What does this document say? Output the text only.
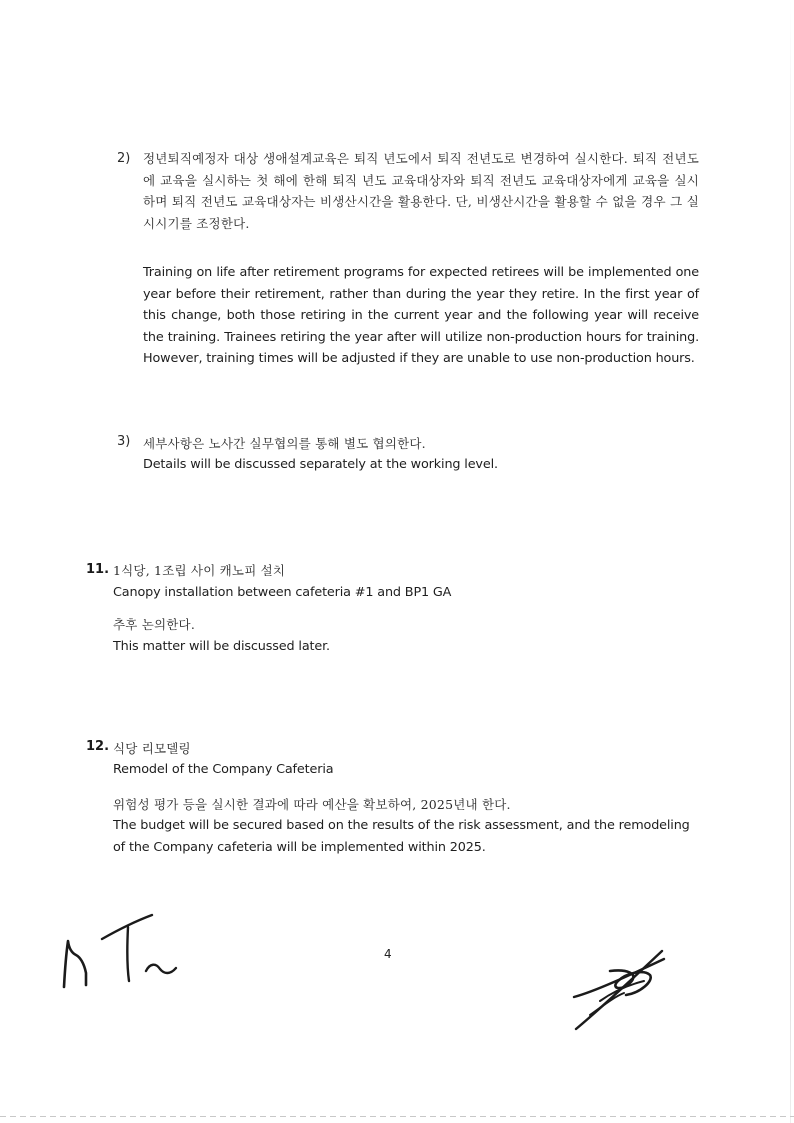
2) 정년퇴직예정자 대상 생애설계교육은 퇴직 년도에서 퇴직 전년도로 변경하여 실시한다. 퇴직 전년도에 교육을 실시하는 첫 해에 한해 퇴직 년도 교육대상자와 퇴직 전년도 교육대상자에게 교육을 실시하며 퇴직 전년도 교육대상자는 비생산시간을 활용한다. 단, 비생산시간을 활용할 수 없을 경우 그 실시시기를 조정한다.
Training on life after retirement programs for expected retirees will be implemented one year before their retirement, rather than during the year they retire. In the first year of this change, both those retiring in the current year and the following year will receive the training. Trainees retiring the year after will utilize non-production hours for training. However, training times will be adjusted if they are unable to use non-production hours.
3) 세부사항은 노사간 실무협의를 통해 별도 협의한다.
Details will be discussed separately at the working level.
11. 1식당, 1조립 사이 캐노피 설치
Canopy installation between cafeteria #1 and BP1 GA
추후 논의한다.
This matter will be discussed later.
12. 식당 리모델링
Remodel of the Company Cafeteria
위험성 평가 등을 실시한 결과에 따라 예산을 확보하여, 2025년내 한다.
The budget will be secured based on the results of the risk assessment, and the remodeling
of the Company cafeteria will be implemented within 2025.
4
